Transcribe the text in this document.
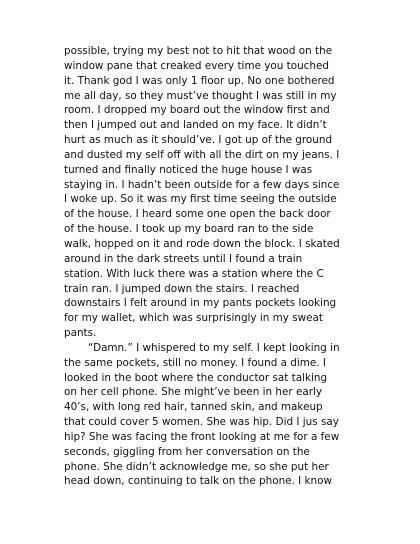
possible, trying my best not to hit that wood on the
window pane that creaked every time you touched
it. Thank god I was only 1 floor up. No one bothered
me all day, so they must’ve thought I was still in my
room. I dropped my board out the window first and
then I jumped out and landed on my face. It didn’t
hurt as much as it should’ve. I got up of the ground
and dusted my self off with all the dirt on my jeans. I
turned and finally noticed the huge house I was
staying in. I hadn’t been outside for a few days since
I woke up. So it was my first time seeing the outside
of the house. I heard some one open the back door
of the house. I took up my board ran to the side
walk, hopped on it and rode down the block. I skated
around in the dark streets until I found a train
station. With luck there was a station where the C
train ran. I jumped down the stairs. I reached
downstairs I felt around in my pants pockets looking
for my wallet, which was surprisingly in my sweat
pants.
“Damn.” I whispered to my self. I kept looking in
the same pockets, still no money. I found a dime. I
looked in the boot where the conductor sat talking
on her cell phone. She might’ve been in her early
40’s, with long red hair, tanned skin, and makeup
that could cover 5 women. She was hip. Did I jus say
hip? She was facing the front looking at me for a few
seconds, giggling from her conversation on the
phone. She didn’t acknowledge me, so she put her
head down, continuing to talk on the phone. I know
